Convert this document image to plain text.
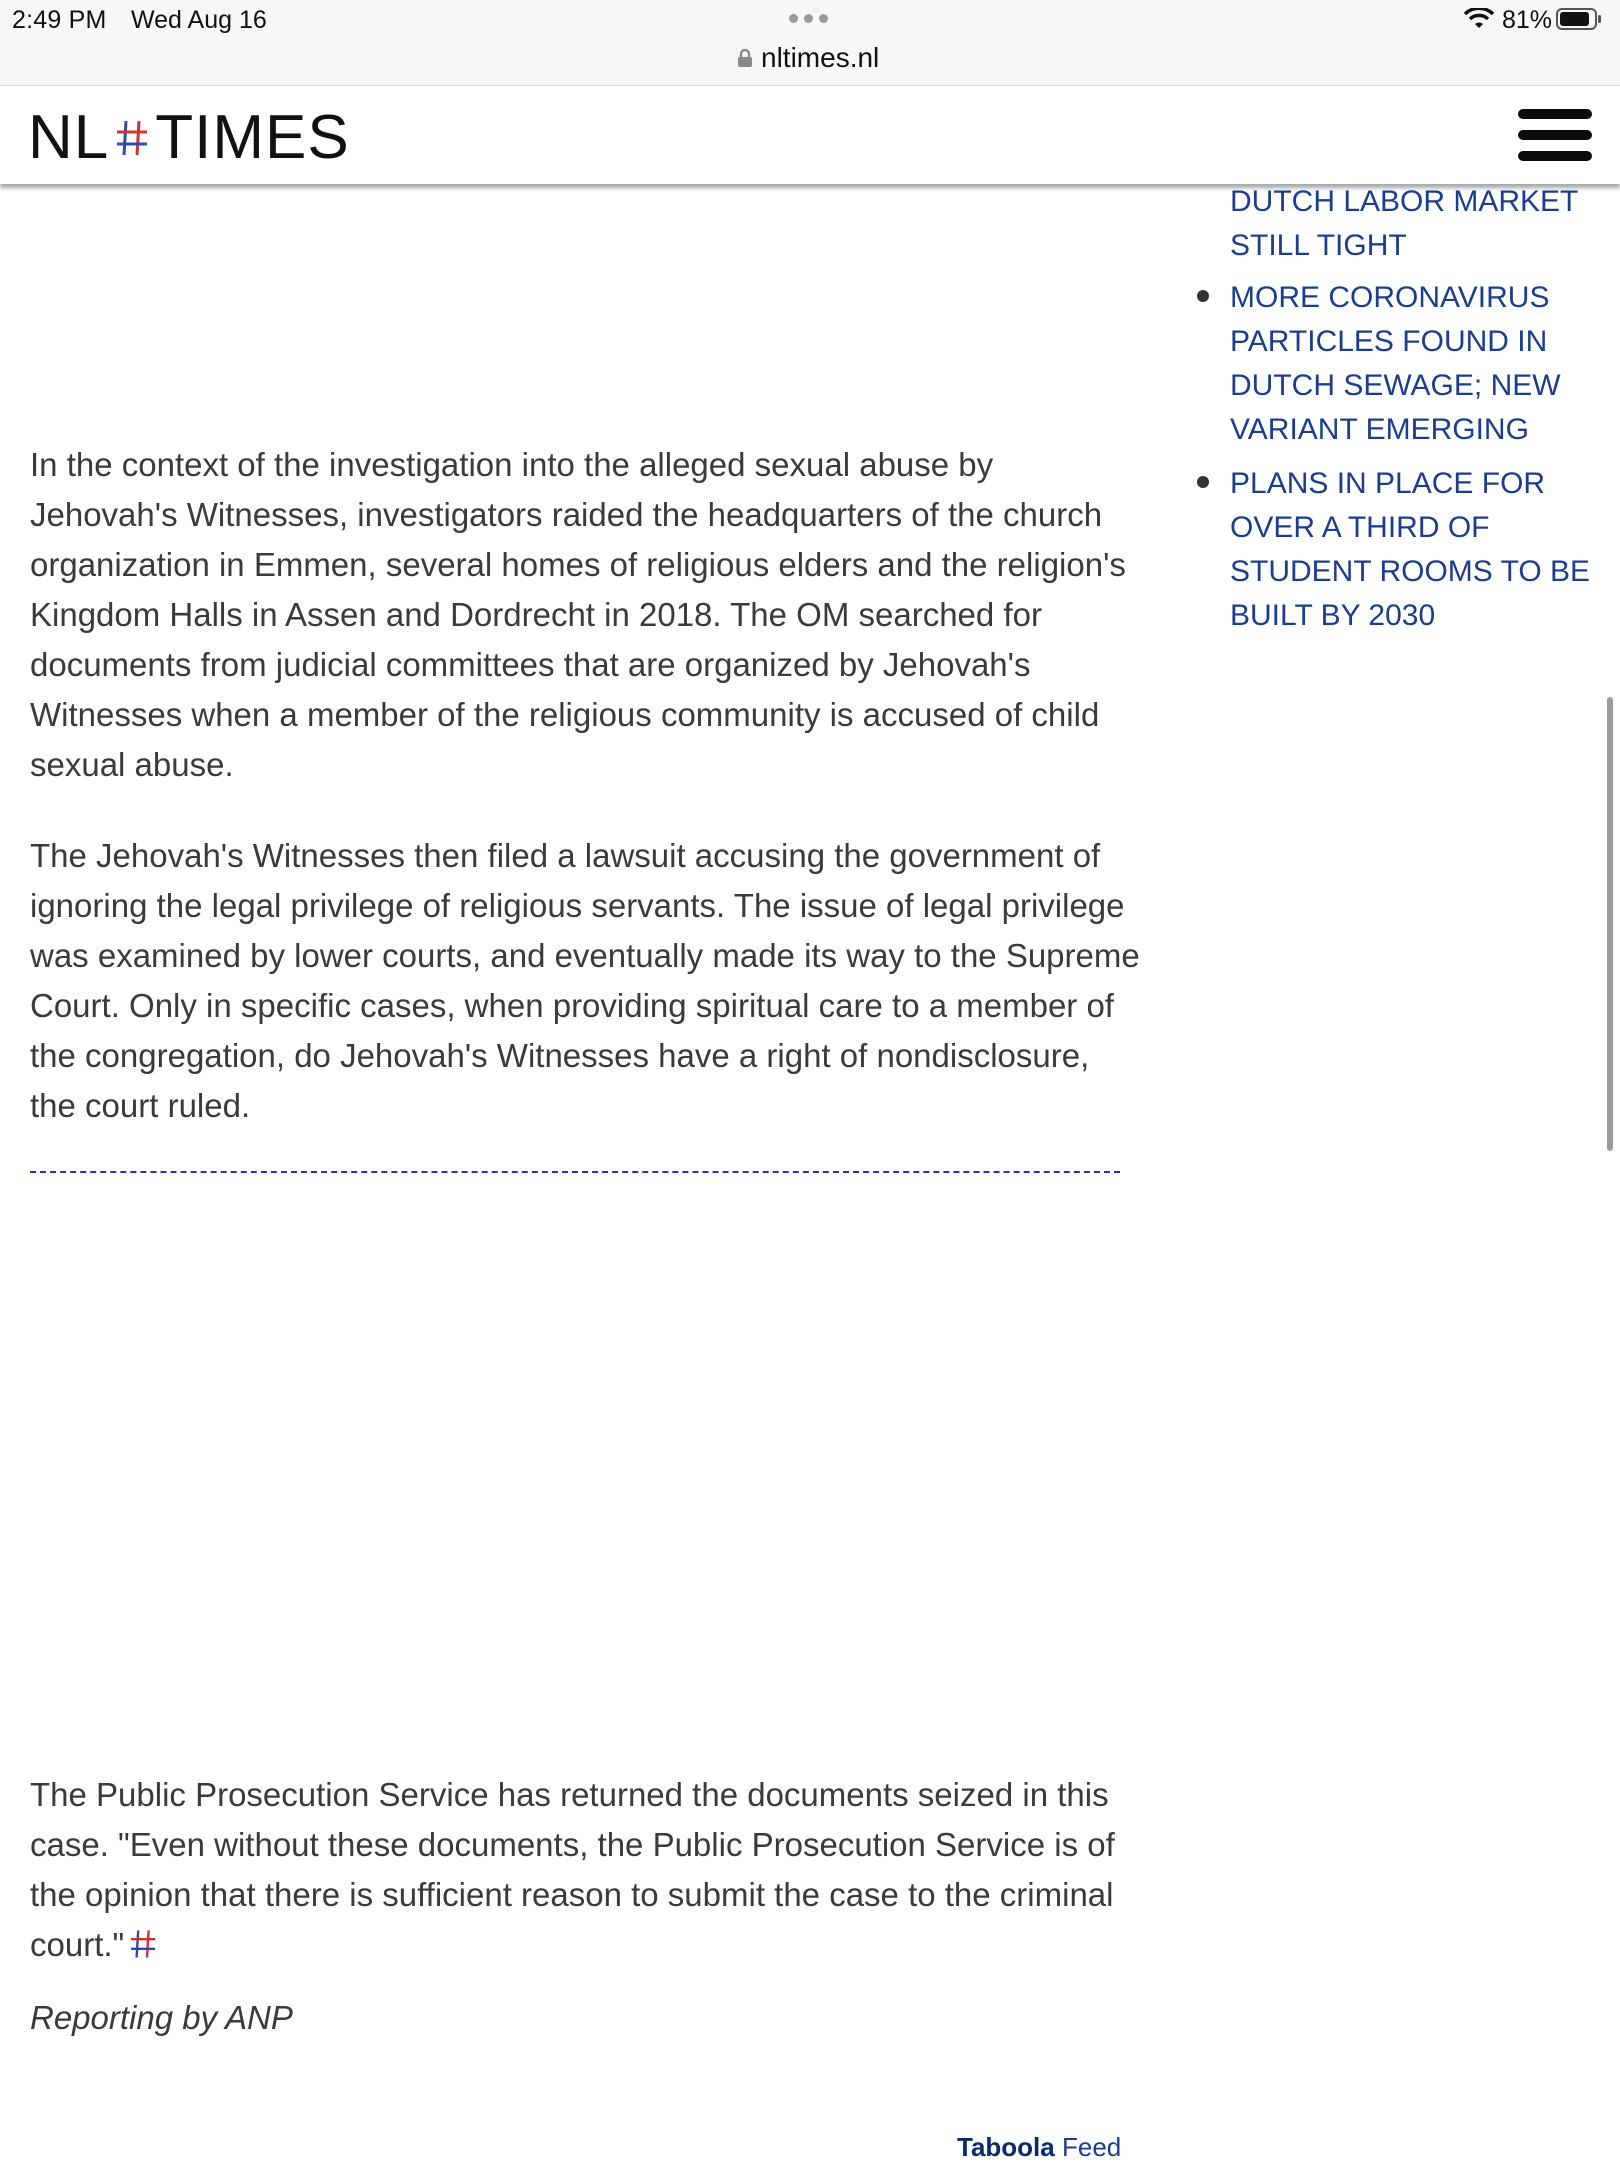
2:49 PM Wed Aug 16	81%
nltimes.nl
NL TIMES
DUTCH LABOR MARKET STILL TIGHT
MORE CORONAVIRUS PARTICLES FOUND IN DUTCH SEWAGE; NEW VARIANT EMERGING
PLANS IN PLACE FOR OVER A THIRD OF STUDENT ROOMS TO BE BUILT BY 2030

In the context of the investigation into the alleged sexual abuse by Jehovah's Witnesses, investigators raided the headquarters of the church organization in Emmen, several homes of religious elders and the religion's Kingdom Halls in Assen and Dordrecht in 2018. The OM searched for documents from judicial committees that are organized by Jehovah's Witnesses when a member of the religious community is accused of child sexual abuse.

The Jehovah's Witnesses then filed a lawsuit accusing the government of ignoring the legal privilege of religious servants. The issue of legal privilege was examined by lower courts, and eventually made its way to the Supreme Court. Only in specific cases, when providing spiritual care to a member of the congregation, do Jehovah's Witnesses have a right of nondisclosure, the court ruled.

The Public Prosecution Service has returned the documents seized in this case. "Even without these documents, the Public Prosecution Service is of the opinion that there is sufficient reason to submit the case to the criminal court."

Reporting by ANP
Taboola Feed
